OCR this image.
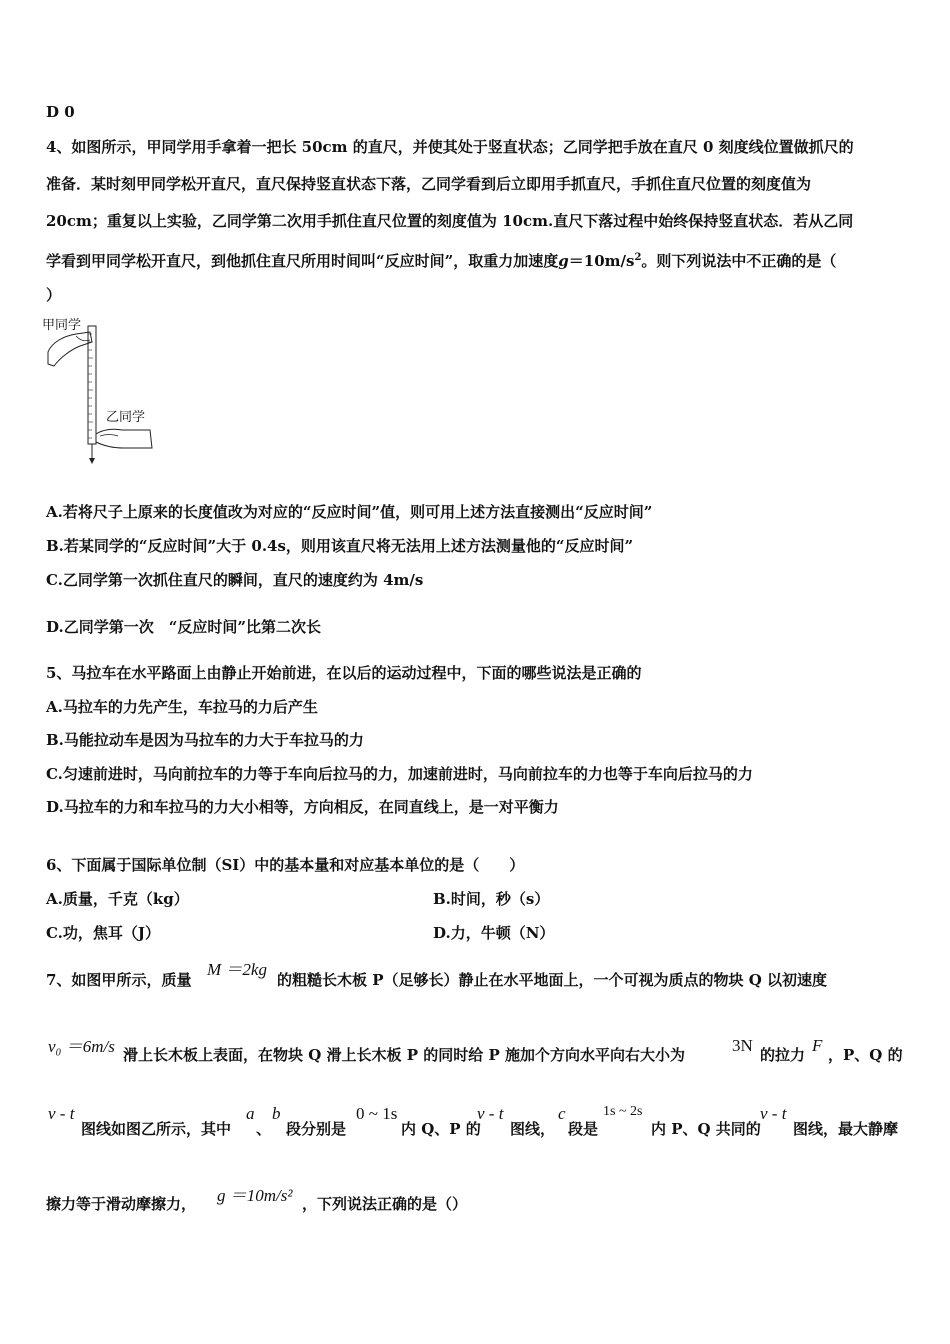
D 0
4、如图所示，甲同学用手拿着一把长 50cm 的直尺，并使其处于竖直状态；乙同学把手放在直尺 0 刻度线位置做抓尺的
准备．某时刻甲同学松开直尺，直尺保持竖直状态下落，乙同学看到后立即用手抓直尺，手抓住直尺位置的刻度值为
20cm；重复以上实验，乙同学第二次用手抓住直尺位置的刻度值为 10cm.直尺下落过程中始终保持竖直状态．若从乙同
学看到甲同学松开直尺，到他抓住直尺所用时间叫“反应时间”，取重力加速度$g=10m/s^2$。则下列说法中不正确的是（
）
甲同学
乙同学
A.若将尺子上原来的长度值改为对应的“反应时间”值，则可用上述方法直接测出“反应时间”
B.若某同学的“反应时间”大于 0.4s，则用该直尺将无法用上述方法测量他的“反应时间”
C.乙同学第一次抓住直尺的瞬间，直尺的速度约为 4m/s
D.乙同学第一次　“反应时间”比第二次长
5、马拉车在水平路面上由静止开始前进，在以后的运动过程中，下面的哪些说法是正确的
A.马拉车的力先产生，车拉马的力后产生
B.马能拉动车是因为马拉车的力大于车拉马的力
C.匀速前进时，马向前拉车的力等于车向后拉马的力，加速前进时，马向前拉车的力也等于车向后拉马的力
D.马拉车的力和车拉马的力大小相等，方向相反，在同直线上，是一对平衡力
6、下面属于国际单位制（SI）中的基本量和对应基本单位的是（　　）
A.质量，千克（kg）	B.时间，秒（s）
C.功，焦耳（J）	D.力，牛顿（N）
7、如图甲所示，质量
M ＝2kg
的粗糙长木板 P（足够长）静止在水平地面上，一个可视为质点的物块 Q 以初速度
v₀ ＝6m/s 滑上长木板上表面，在物块 Q 滑上长木板 P 的同时给 P 施加个方向水平向右大小为	3N 的拉力 F ，P、Q 的
v - t
图线如图乙所示，其中
a
、
b
段分别是
0 ~ 1s
内 Q、P 的
v - t
图线，
c
段是
1s ~ 2s
内 P、Q 共同的
v - t
图线，最大静摩
擦力等于滑动摩擦力， g ＝10m/s² ，下列说法正确的是（）
